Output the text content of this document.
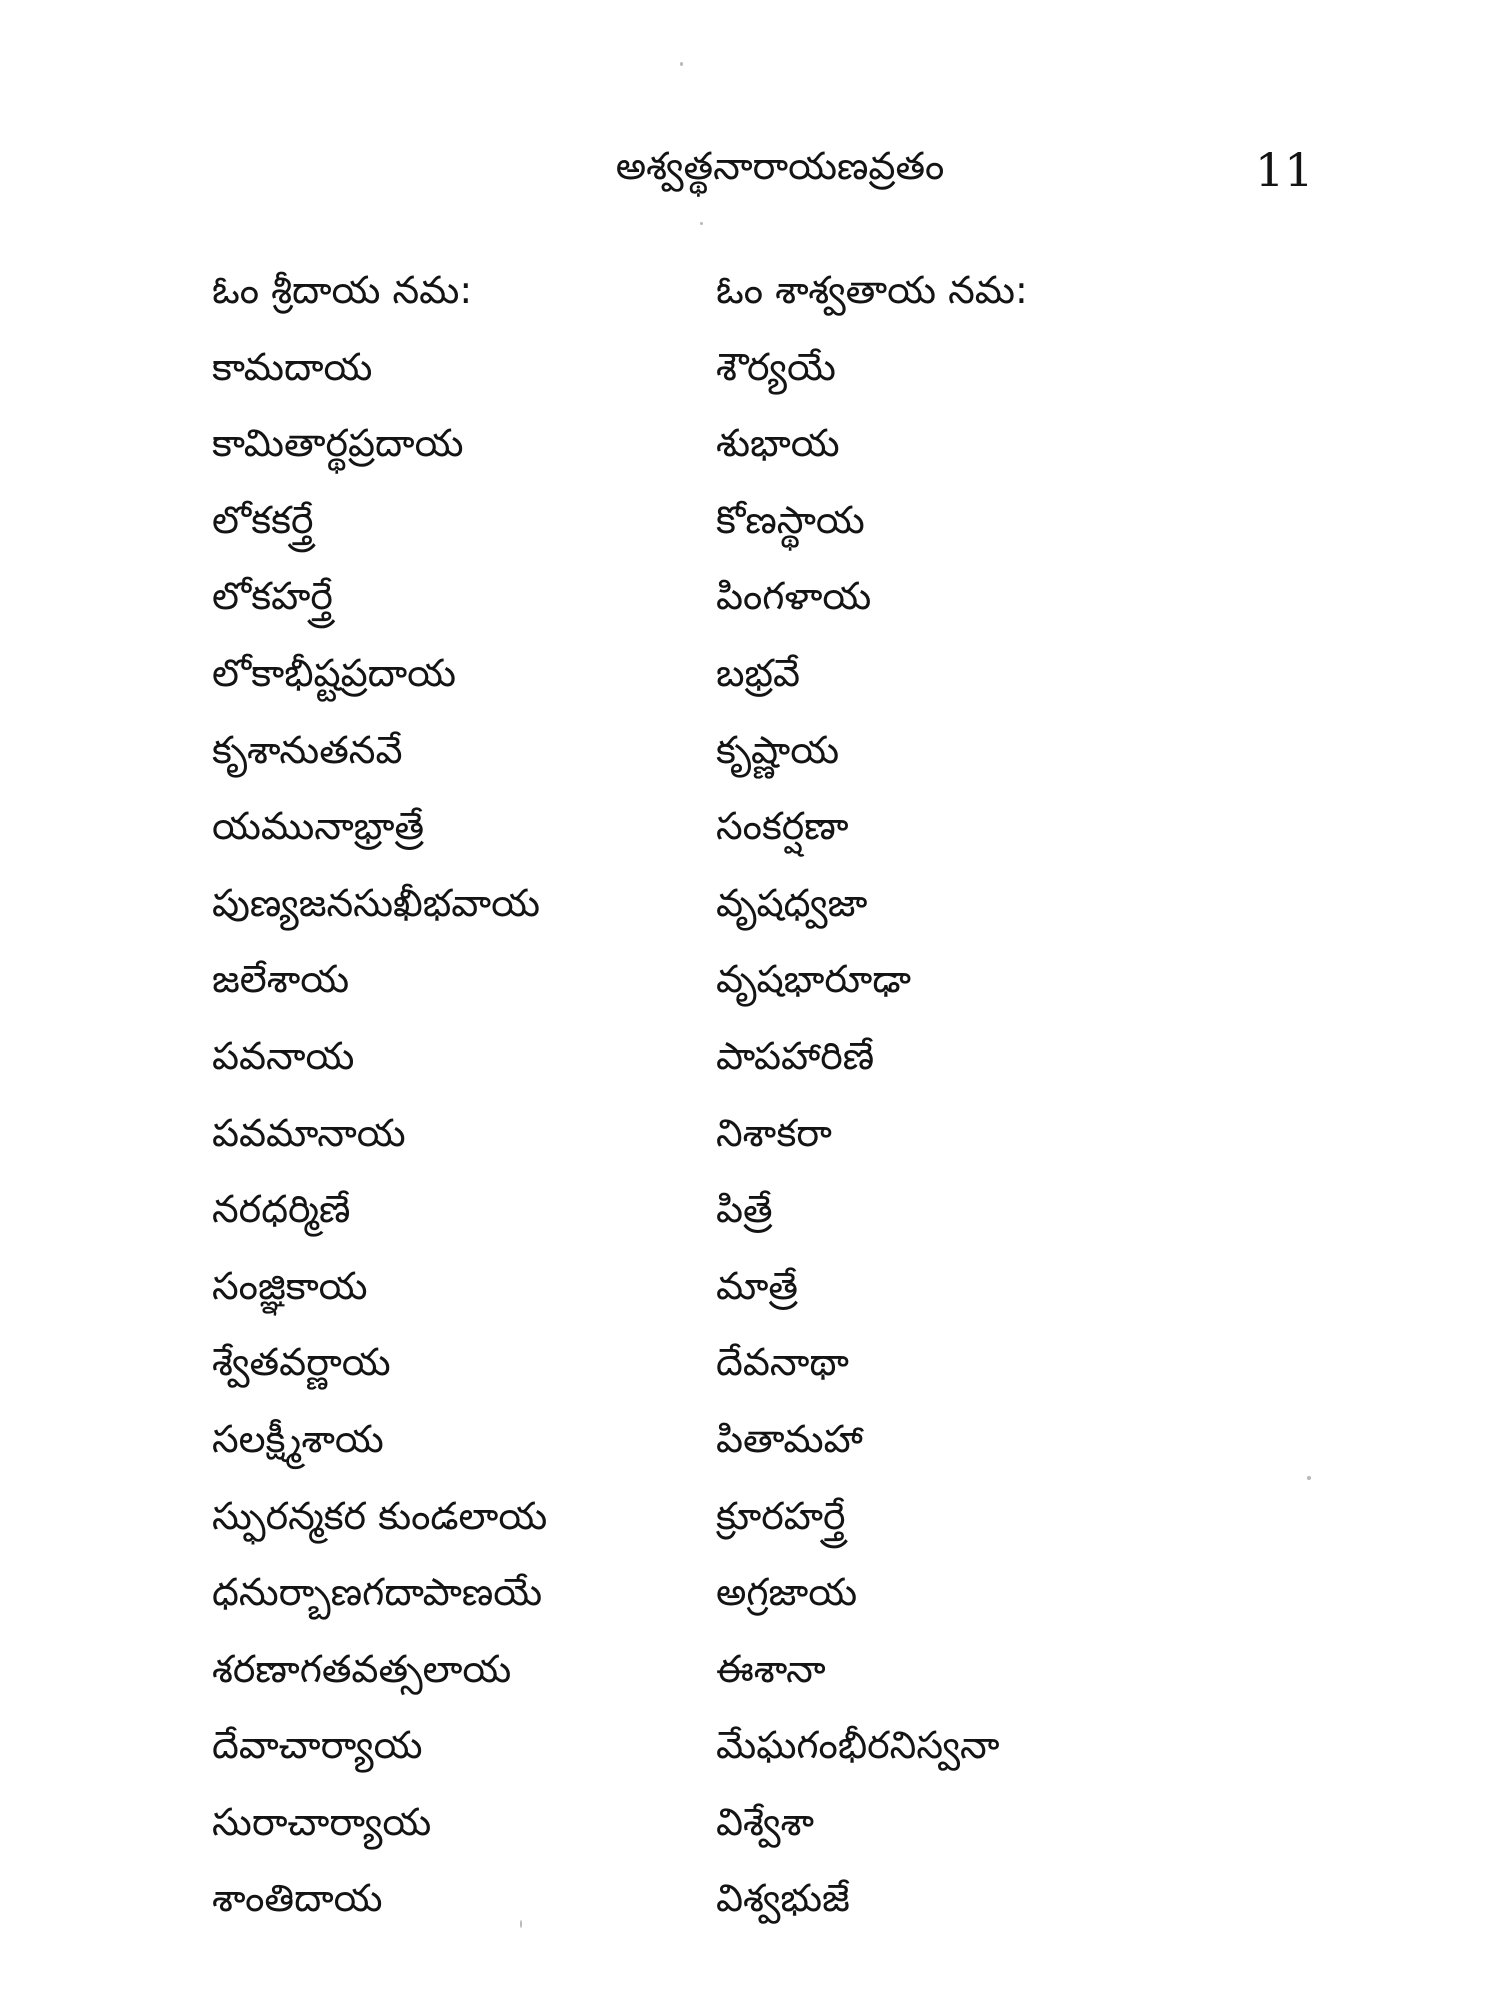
అశ్వత్థనారాయణవ్రతం	11
ఓం శ్రీదాయ నమ:
కామదాయ
కామితార్థప్రదాయ
లోకకర్త్రే
లోకహర్త్రే
లోకాభీష్టప్రదాయ
కృశానుతనవే
యమునాభ్రాత్రే
పుణ్యజనసుఖీభవాయ
జలేశాయ
పవనాయ
పవమానాయ
నరధర్మిణే
సంజ్ఞికాయ
శ్వేతవర్ణాయ
సలక్ష్మీశాయ
స్ఫురన్మకర కుండలాయ
ధనుర్బాణగదాపాణయే
శరణాగతవత్సలాయ
దేవాచార్యాయ
సురాచార్యాయ
శాంతిదాయ
ఓం శాశ్వతాయ నమ:
శౌర్యయే
శుభాయ
కోణస్థాయ
పింగళాయ
బభ్రవే
కృష్ణాయ
సంకర్షణా
వృషధ్వజా
వృషభారూఢా
పాపహారిణే
నిశాకరా
పిత్రే
మాత్రే
దేవనాథా
పితామహా
క్రూరహర్త్రే
అగ్రజాయ
ఈశానా
మేఘగంభీరనిస్వనా
విశ్వేశా
విశ్వభుజే
